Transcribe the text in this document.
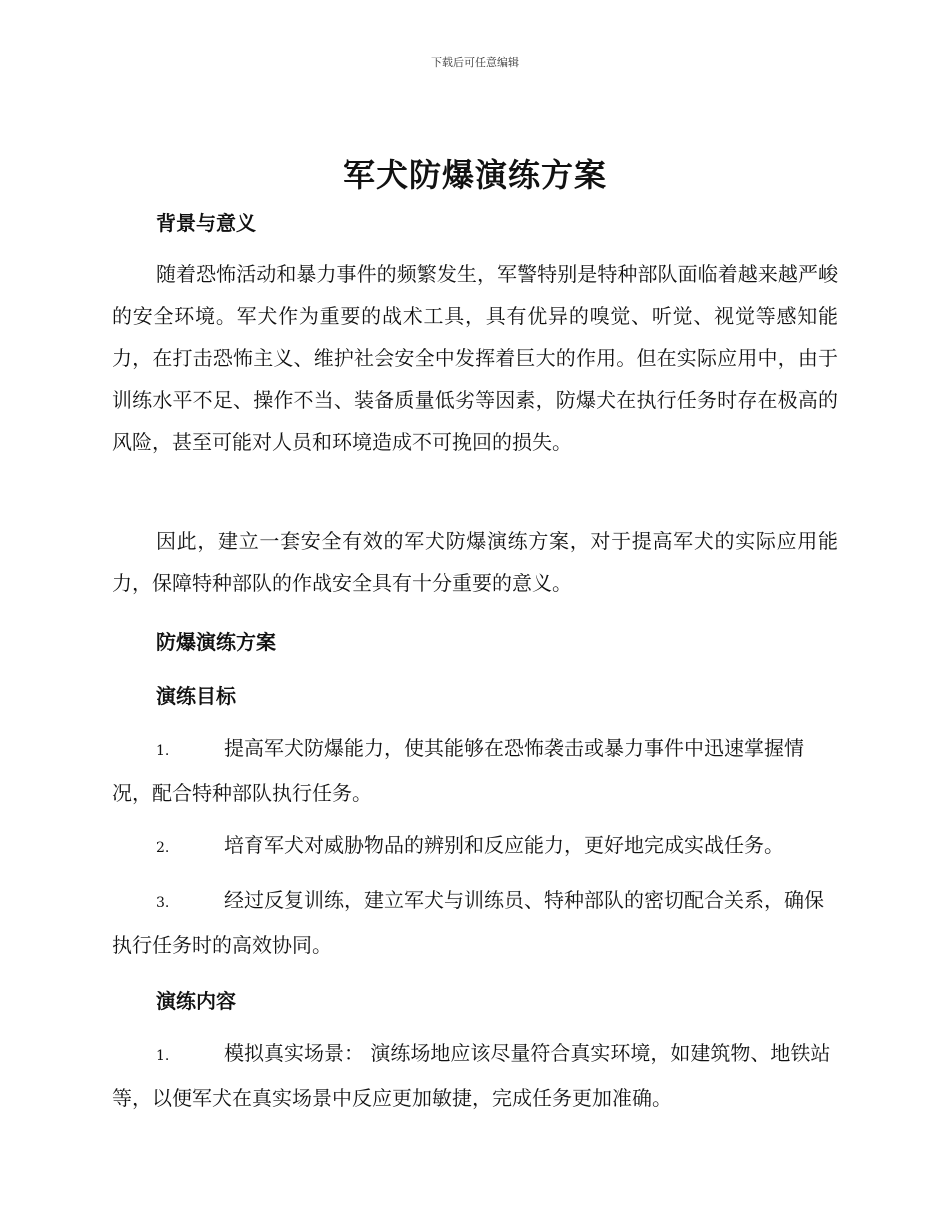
下载后可任意编辑
军犬防爆演练方案
背景与意义
随着恐怖活动和暴力事件的频繁发生，军警特别是特种部队面临着越来越严峻的安全环境。军犬作为重要的战术工具，具有优异的嗅觉、听觉、视觉等感知能力，在打击恐怖主义、维护社会安全中发挥着巨大的作用。但在实际应用中，由于训练水平不足、操作不当、装备质量低劣等因素，防爆犬在执行任务时存在极高的风险，甚至可能对人员和环境造成不可挽回的损失。
因此，建立一套安全有效的军犬防爆演练方案，对于提高军犬的实际应用能力，保障特种部队的作战安全具有十分重要的意义。
防爆演练方案
演练目标
1.	提高军犬防爆能力，使其能够在恐怖袭击或暴力事件中迅速掌握情况，配合特种部队执行任务。
2.	培育军犬对威胁物品的辨别和反应能力，更好地完成实战任务。
3.	经过反复训练，建立军犬与训练员、特种部队的密切配合关系，确保执行任务时的高效协同。
演练内容
1.	模拟真实场景： 演练场地应该尽量符合真实环境，如建筑物、地铁站等，以便军犬在真实场景中反应更加敏捷，完成任务更加准确。
